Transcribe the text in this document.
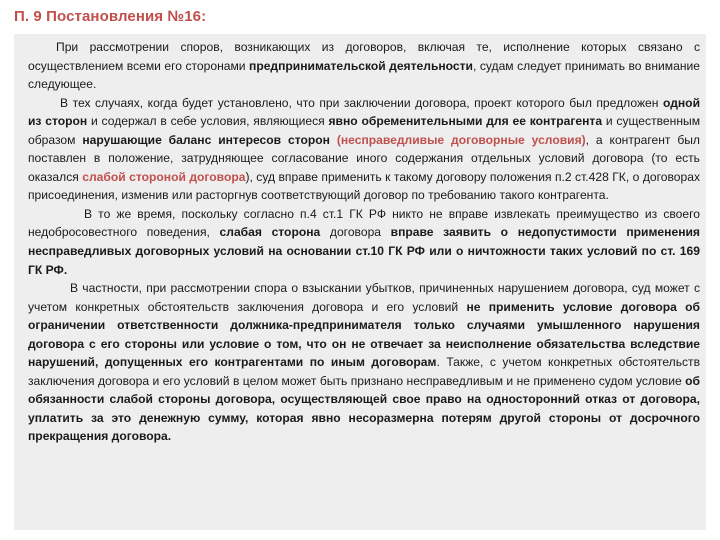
П. 9 Постановления №16:

При рассмотрении споров, возникающих из договоров, включая те, исполнение которых связано с осуществлением всеми его сторонами предпринимательской деятельности, судам следует принимать во внимание следующее.

В тех случаях, когда будет установлено, что при заключении договора, проект которого был предложен одной из сторон и содержал в себе условия, являющиеся явно обременительными для ее контрагента и существенным образом нарушающие баланс интересов сторон (несправедливые договорные условия), а контрагент был поставлен в положение, затрудняющее согласование иного содержания отдельных условий договора (то есть оказался слабой стороной договора), суд вправе применить к такому договору положения п.2 ст.428 ГК, о договорах присоединения, изменив или расторгнув соответствующий договор по требованию такого контрагента.

В то же время, поскольку согласно п.4 ст.1 ГК РФ никто не вправе извлекать преимущество из своего недобросовестного поведения, слабая сторона договора вправе заявить о недопустимости применения несправедливых договорных условий на основании ст.10 ГК РФ или о ничтожности таких условий по ст. 169 ГК РФ.

В частности, при рассмотрении спора о взыскании убытков, причиненных нарушением договора, суд может с учетом конкретных обстоятельств заключения договора и его условий не применить условие договора об ограничении ответственности должника-предпринимателя только случаями умышленного нарушения договора с его стороны или условие о том, что он не отвечает за неисполнение обязательства вследствие нарушений, допущенных его контрагентами по иным договорам. Также, с учетом конкретных обстоятельств заключения договора и его условий в целом может быть признано несправедливым и не применено судом условие об обязанности слабой стороны договора, осуществляющей свое право на односторонний отказ от договора, уплатить за это денежную сумму, которая явно несоразмерна потерям другой стороны от досрочного прекращения договора.
